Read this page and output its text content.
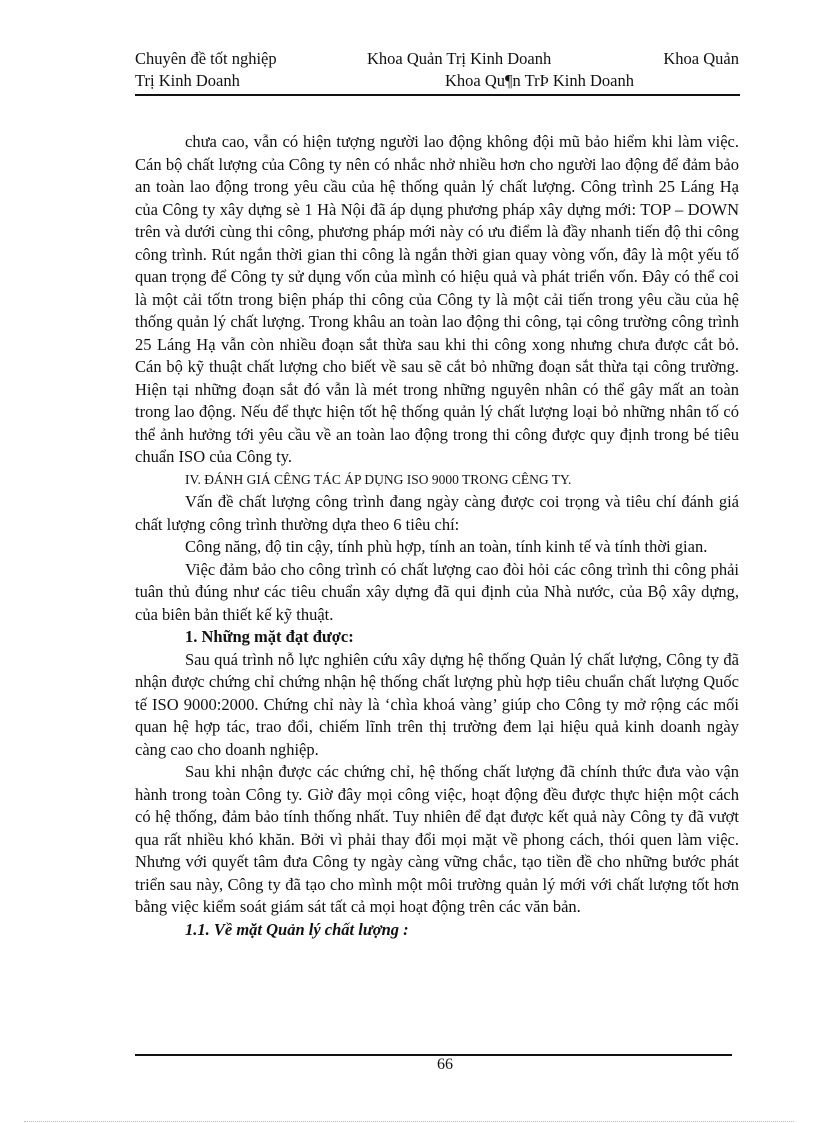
Chuyên đề tốt nghiệp	Khoa Quản Trị Kinh Doanh	Khoa Quản
Trị Kinh Doanh	Khoa Qu¶n TrÞ Kinh Doanh

chưa cao, vẫn có hiện tượng người lao động không đội mũ bảo hiểm khi làm việc. Cán bộ chất lượng của Công ty nên có nhắc nhở nhiều hơn cho người lao động để đảm bảo an toàn lao động trong yêu cầu của hệ thống quản lý chất lượng. Công trình 25 Láng Hạ của Công ty xây dựng sè 1 Hà Nội đã áp dụng phương pháp xây dựng mới: TOP – DOWN trên và dưới cùng thi công, phương pháp mới này có ưu điểm là đầy nhanh tiến độ thi công công trình. Rút ngắn thời gian thi công là ngắn thời gian quay vòng vốn, đây là một yếu tố quan trọng để Công ty sử dụng vốn của mình có hiệu quả và phát triển vốn. Đây có thể coi là một cải tốtn trong biện pháp thi công của Công ty là một cải tiến trong yêu cầu của hệ thống quản lý chất lượng. Trong khâu an toàn lao động thi công, tại công trường công trình 25 Láng Hạ vẫn còn nhiều đoạn sắt thừa sau khi thi công xong nhưng chưa được cắt bỏ. Cán bộ kỹ thuật chất lượng cho biết về sau sẽ cắt bỏ những đoạn sắt thừa tại công trường. Hiện tại những đoạn sắt đó vẫn là mét trong những nguyên nhân có thể gây mất an toàn trong lao động. Nếu để thực hiện tốt hệ thống quản lý chất lượng loại bỏ những nhân tố có thể ảnh hưởng tới yêu cầu về an toàn lao động trong thi công được quy định trong bé tiêu chuẩn ISO của Công ty.

IV. ĐÁNH GIÁ CÊNG TÁC ÁP DỤNG ISO 9000 TRONG CÊNG TY.

Vấn đề chất lượng công trình đang ngày càng được coi trọng và tiêu chí đánh giá chất lượng công trình thường dựa theo 6 tiêu chí:

Công năng, độ tin cậy, tính phù hợp, tính an toàn, tính kinh tế và tính thời gian.

Việc đảm bảo cho công trình có chất lượng cao đòi hỏi các công trình thi công phải tuân thủ đúng như các tiêu chuẩn xây dựng đã qui định của Nhà nước, của Bộ xây dựng, của biên bản thiết kế kỹ thuật.

1. Những mặt đạt được:

Sau quá trình nỗ lực nghiên cứu xây dựng hệ thống Quản lý chất lượng, Công ty đã nhận được chứng chỉ chứng nhận hệ thống chất lượng phù hợp tiêu chuẩn chất lượng Quốc tế ISO 9000:2000. Chứng chỉ này là ‘chìa khoá vàng’ giúp cho Công ty mở rộng các mối quan hệ hợp tác, trao đổi, chiếm lĩnh trên thị trường đem lại hiệu quả kinh doanh ngày càng cao cho doanh nghiệp.

Sau khi nhận được các chứng chỉ, hệ thống chất lượng đã chính thức đưa vào vận hành trong toàn Công ty. Giờ đây mọi công việc, hoạt động đều được thực hiện một cách có hệ thống, đảm bảo tính thống nhất. Tuy nhiên để đạt được kết quả này Công ty đã vượt qua rất nhiều khó khăn. Bởi vì phải thay đổi mọi mặt về phong cách, thói quen làm việc. Nhưng với quyết tâm đưa Công ty ngày càng vững chắc, tạo tiền đề cho những bước phát triển sau này, Công ty đã tạo cho mình một môi trường quản lý mới với chất lượng tốt hơn bằng việc kiểm soát giám sát tất cả mọi hoạt động trên các văn bản.

1.1. Về mặt Quản lý chất lượng :

66
